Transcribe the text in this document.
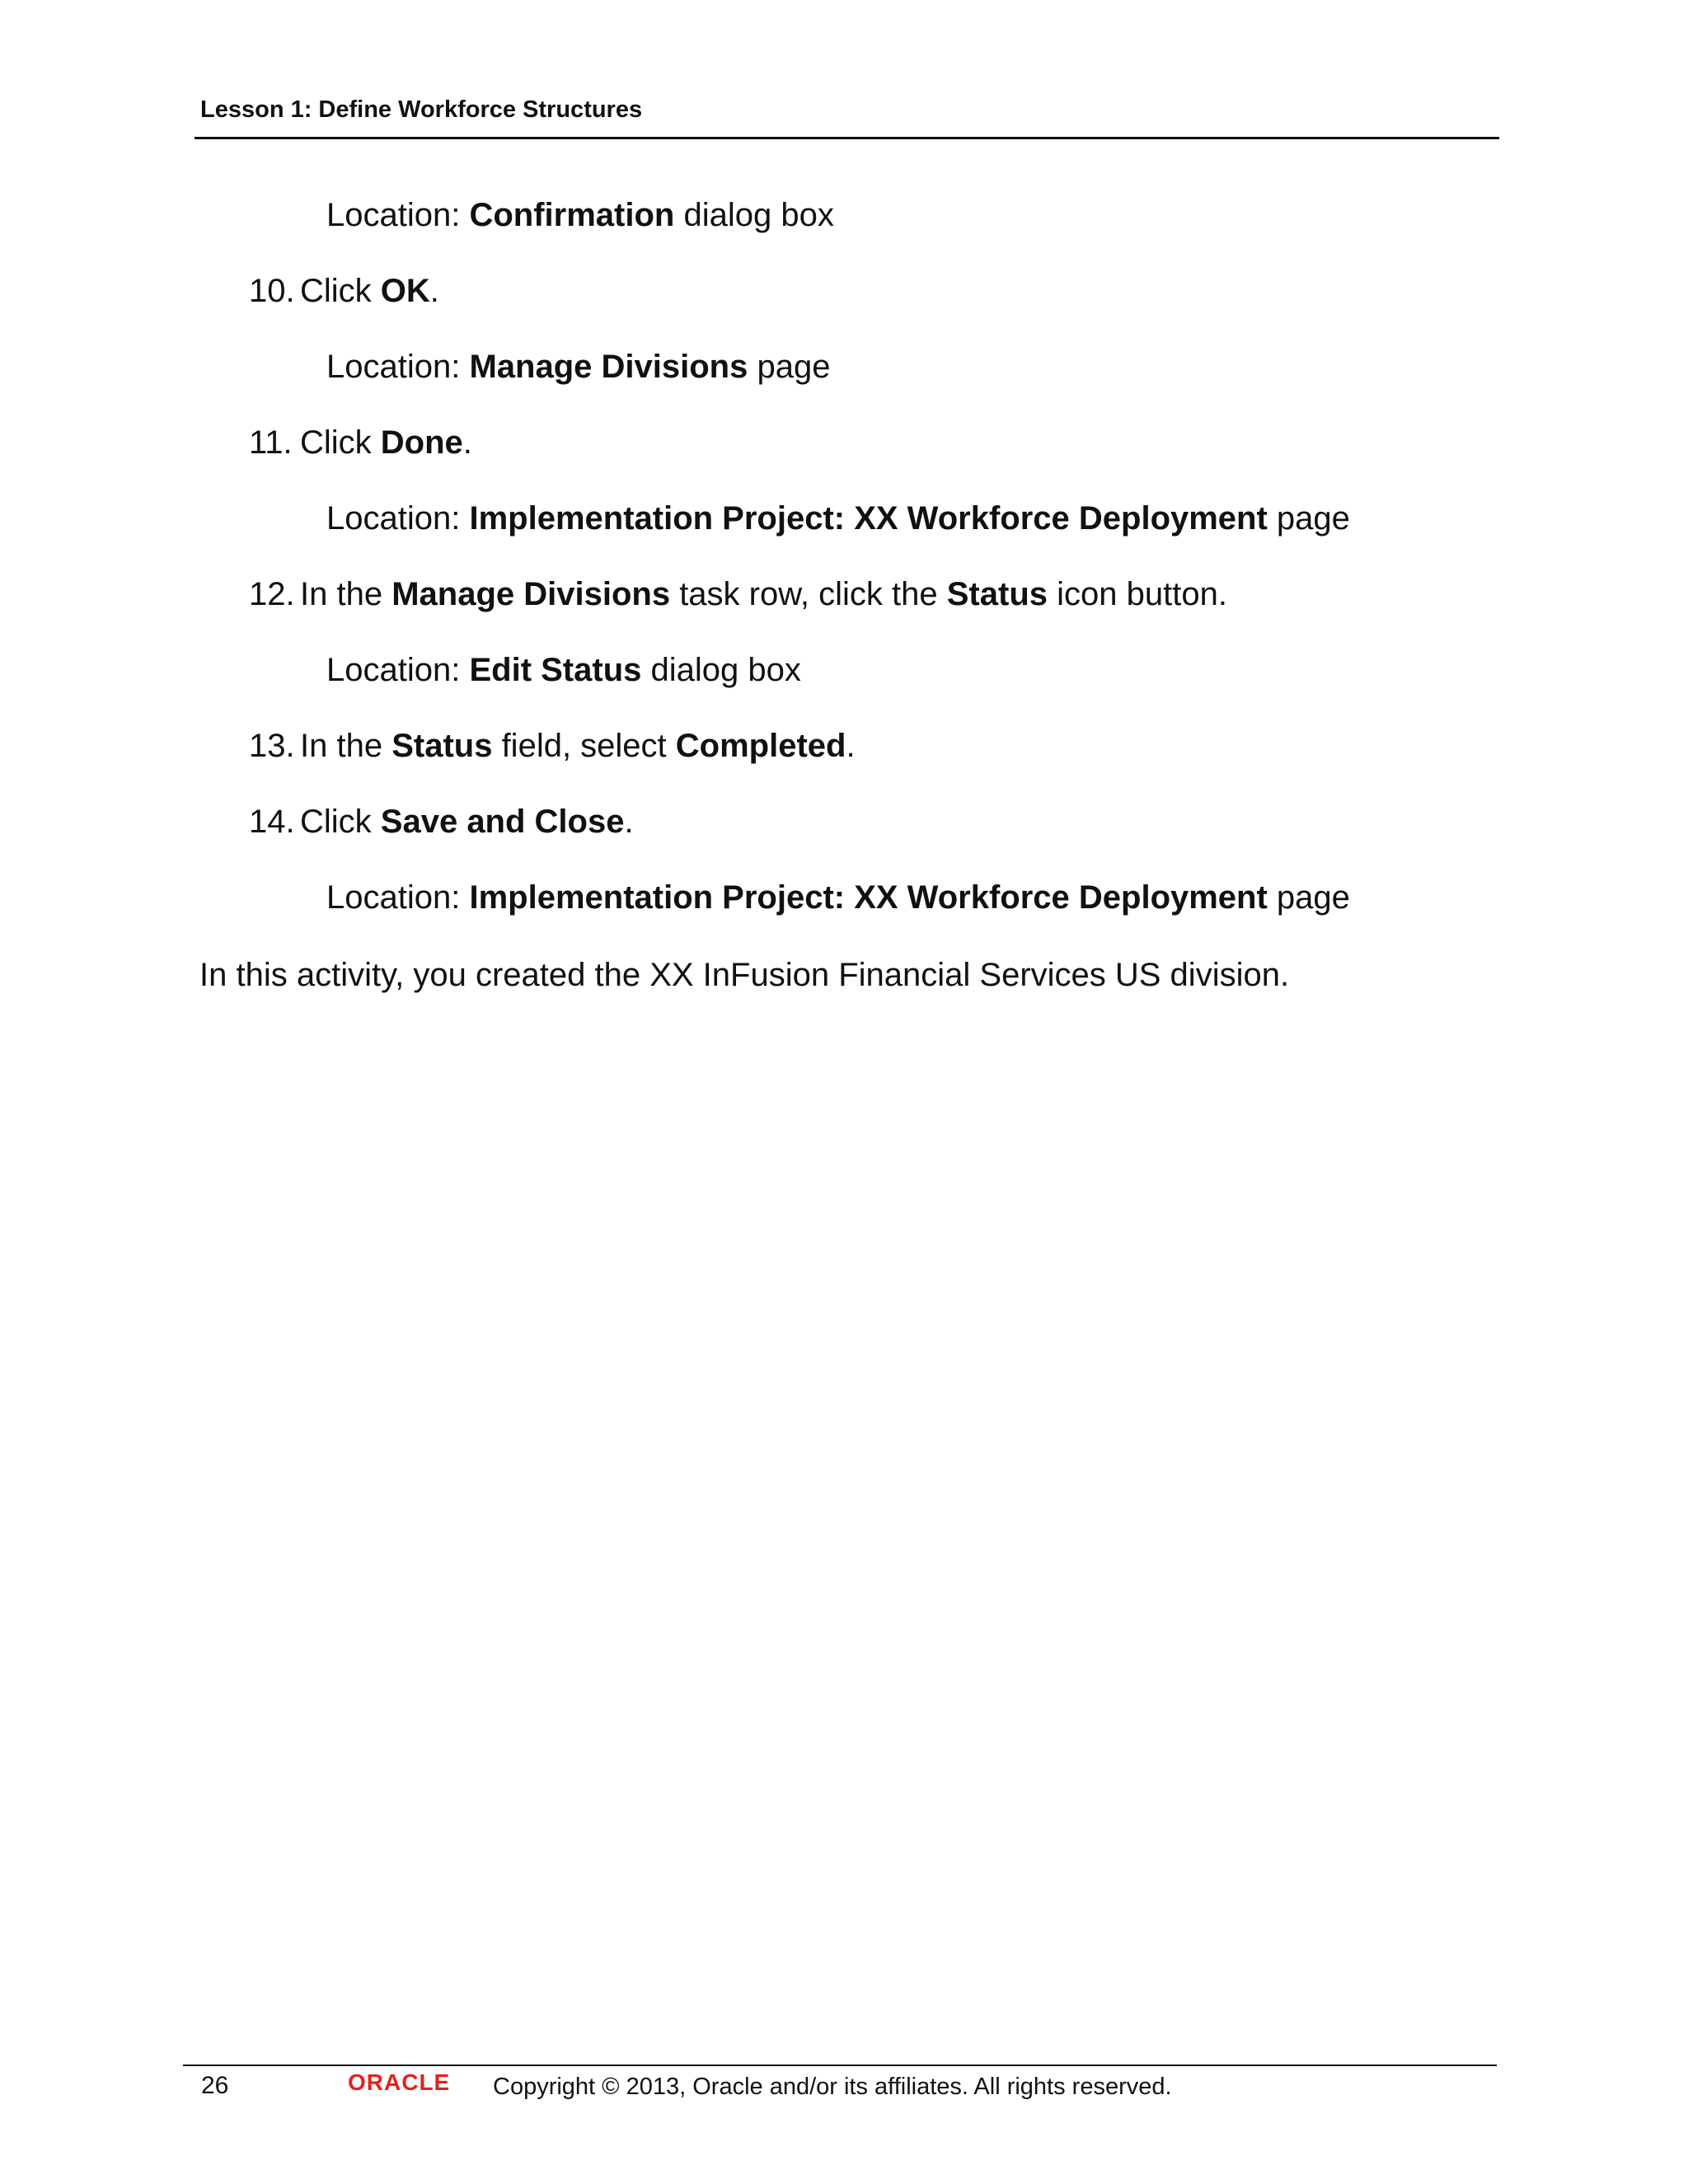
Lesson 1: Define Workforce Structures
Location: Confirmation dialog box
10. Click OK.
Location: Manage Divisions page
11. Click Done.
Location: Implementation Project: XX Workforce Deployment page
12. In the Manage Divisions task row, click the Status icon button.
Location: Edit Status dialog box
13. In the Status field, select Completed.
14. Click Save and Close.
Location: Implementation Project: XX Workforce Deployment page
In this activity, you created the XX InFusion Financial Services US division.
26	ORACLE Copyright © 2013, Oracle and/or its affiliates. All rights reserved.
